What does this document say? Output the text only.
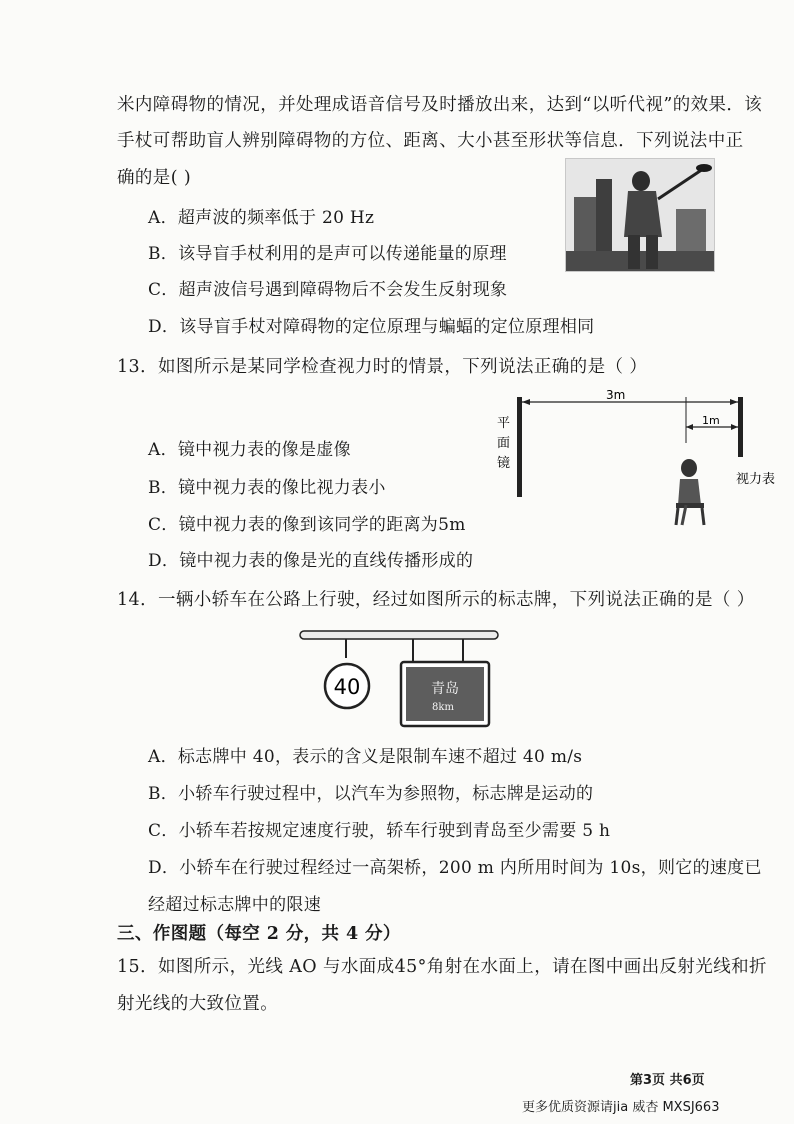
米内障碍物的情况，并处理成语音信号及时播放出来，达到“以听代视”的效果．该
手杖可帮助盲人辨别障碍物的方位、距离、大小甚至形状等信息．下列说法中正
确的是( )
A．超声波的频率低于 20 Hz
B．该导盲手杖利用的是声可以传递能量的原理
C．超声波信号遇到障碍物后不会发生反射现象
D．该导盲手杖对障碍物的定位原理与蝙蝠的定位原理相同
13．如图所示是某同学检查视力时的情景，下列说法正确的是（ ）
A．镜中视力表的像是虚像
B．镜中视力表的像比视力表小
C．镜中视力表的像到该同学的距离为5m
D．镜中视力表的像是光的直线传播形成的
平
面
镜
3m
1m
视力表
14．一辆小轿车在公路上行驶，经过如图所示的标志牌，下列说法正确的是（ ）
40	青岛
8km
A．标志牌中 40，表示的含义是限制车速不超过 40 m/s
B．小轿车行驶过程中，以汽车为参照物，标志牌是运动的
C．小轿车若按规定速度行驶，轿车行驶到青岛至少需要 5 h
D．小轿车在行驶过程经过一高架桥，200 m 内所用时间为 10s，则它的速度已
经超过标志牌中的限速
三、作图题（每空 2 分，共 4 分）
15．如图所示，光线 AO 与水面成45°角射在水面上，请在图中画出反射光线和折
射光线的大致位置。
第3页 共6页
更多优质资源请jia 威杏 MXSJ663
